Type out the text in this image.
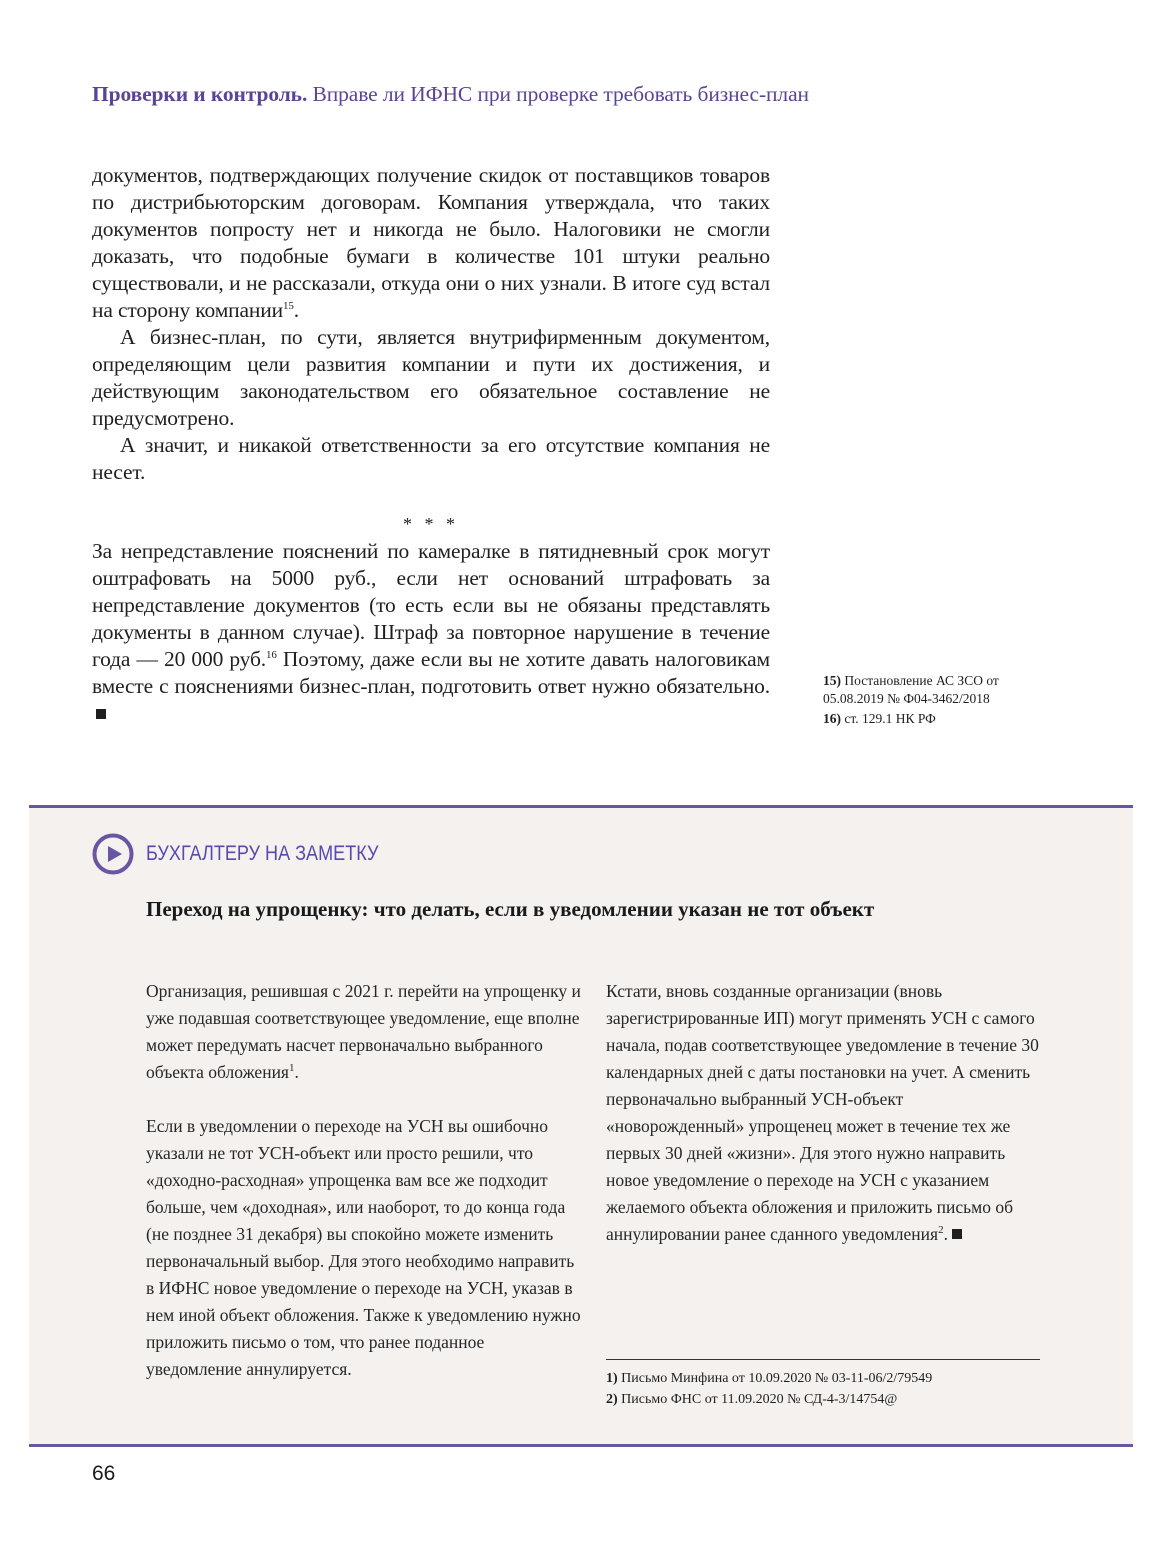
Проверки и контроль. Вправе ли ИФНС при проверке требовать бизнес-план

документов, подтверждающих получение скидок от поставщиков товаров по дистрибьюторским договорам. Компания утверждала, что таких документов попросту нет и никогда не было. Налоговики не смогли доказать, что подобные бумаги в количестве 101 штуки реально существовали, и не рассказали, откуда они о них узнали. В итоге суд встал на сторону компании$^{15}$.

А бизнес-план, по сути, является внутрифирменным документом, определяющим цели развития компании и пути их достижения, и действующим законодательством его обязательное составление не предусмотрено.

А значит, и никакой ответственности за его отсутствие компания не несет.

* * *

За непредставление пояснений по камералке в пятидневный срок могут оштрафовать на 5000 руб., если нет оснований штрафовать за непредставление документов (то есть если вы не обязаны представлять документы в данном случае). Штраф за повторное нарушение в течение года — 20 000 руб.$^{16}$ Поэтому, даже если вы не хотите давать налоговикам вместе с пояснениями бизнес-план, подготовить ответ нужно обязательно.	15) Постановление АС ЗСО от 05.08.2019 № Ф04-3462/2018
16) ст. 129.1 НК РФ
БУХГАЛТЕРУ НА ЗАМЕТКУ
Переход на упрощенку: что делать, если в уведомлении указан не тот объект

Организация, решившая с 2021 г. перейти на упрощенку и уже подавшая соответствующее уведомление, еще вполне может передумать насчет первоначально выбранного объекта обложения$^1$.

Если в уведомлении о переходе на УСН вы ошибочно указали не тот УСН-объект или просто решили, что «доходно-расходная» упрощенка вам все же подходит больше, чем «доходная», или наоборот, то до конца года (не позднее 31 декабря) вы спокойно можете изменить первоначальный выбор. Для этого необходимо направить в ИФНС новое уведомление о переходе на УСН, указав в нем иной объект обложения. Также к уведомлению нужно приложить письмо о том, что ранее поданное уведомление аннулируется.

Кстати, вновь созданные организации (вновь зарегистрированные ИП) могут применять УСН с самого начала, подав соответствующее уведомление в течение 30 календарных дней с даты постановки на учет. А сменить первоначально выбранный УСН-объект «новорожденный» упрощенец может в течение тех же первых 30 дней «жизни». Для этого нужно направить новое уведомление о переходе на УСН с указанием желаемого объекта обложения и приложить письмо об аннулировании ранее сданного уведомления$^2$.

1) Письмо Минфина от 10.09.2020 № 03-11-06/2/79549
2) Письмо ФНС от 11.09.2020 № СД-4-3/14754@
66
